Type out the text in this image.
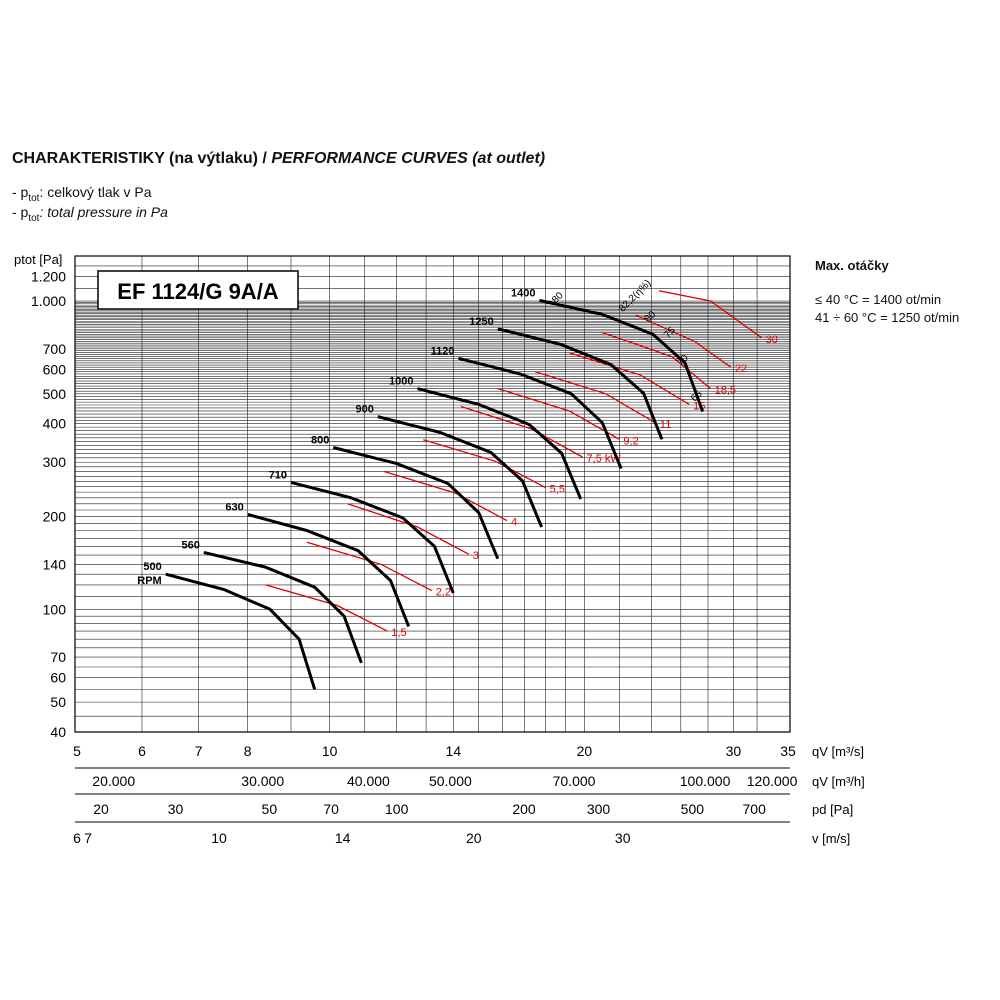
CHARAKTERISTIKY (na výtlaku) / PERFORMANCE CURVES (at outlet)
- $p_{tot}$: celkový tlak v Pa
- $p_{tot}$: total pressure in Pa
Max. otáčky
≤ 40 °C = 1400 ot/min
41 ÷ 60 °C = 1250 ot/min
ptot [Pa]
40
50
60
70
100
140
200
300
400
500
600
700
1.000
1.200
5	6	7	8	10	14	20	30	35 qV [m³/s]
20.000	30.000	40.000	50.000	70.000	100.000 120.000 qV [m³/h]
20	30	50	70	100	200	300	500	700	pd [Pa]
6 7	10	14	20	30	v [m/s]
1,5
2,2
3
4
5,5
7,5 kW
9,2
11
15
18,5
22
30
500
560
630
710
800
900
1000
1120
1250
1400
RPM
EF 1124/G 9A/A	80	82,2(η%)
80
75
70
65
